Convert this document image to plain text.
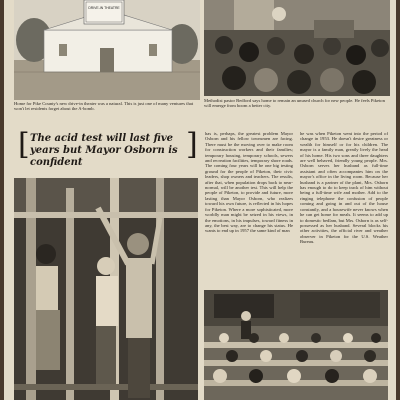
DRIVE-IN THEATRE
Home for Pike County's new drive-in theater was a natural. This is just one of many ventures that won't let residents forget about the A-bomb.
Methodist pastor Bedford says home to remain an unused church for new people. He feels Piketon will emerge from boom a better city.
[ The acid test will last five years but Mayor Osborn is confident
] has is, perhaps, the greatest problem Mayor Osborn and his fellow townsmen are facing. There must be the moving over to make room for construction workers and their families; temporary housing, temporary schools, sewers and recreation facilities, temporary shore roads. The coming four years will be one big testing ground for the people of Piketon, their civic leaders, shop owners and teachers. The results, after that, when population drops back to near-normal, will be another test. This will help the people of Piketon, to provide and future, more lasting than Mayor Osborn, who realizes toward his own future, is reflected in his hopes for Piketon. Where a more sophisticated, more worldly man might be seized in his views, in the emotions, in his impulses, toward fitness in any, the best way, are to change his status. He wants to end up in 1957 the same kind of man
he was when Piketon went into the period of change in 1953. He doesn't desire greatness or wealth for himself or for his children. The mayor is a family man, greatly lively the head of his home. His two sons and three daughters are well behaved, friendly young people. Mrs. Osborn serves her husband as full-time assistant and often accompanies him on the mayor's office in the living room. Because her husband is a partner of the plant, Mrs. Osborn has enough to do to keep track of him without being a full-time wife and mother. Add to the ringing telephone the confusion of people coming and going in and out of the house constantly, and a housewife never knows when he can get home for meals. It seems to add up to domestic bedlam, but Mrs. Osborn is as self-possessed as her husband. Several blocks his other activities, the official river and weather observer in Piketon for the U.S. Weather Bureau.
